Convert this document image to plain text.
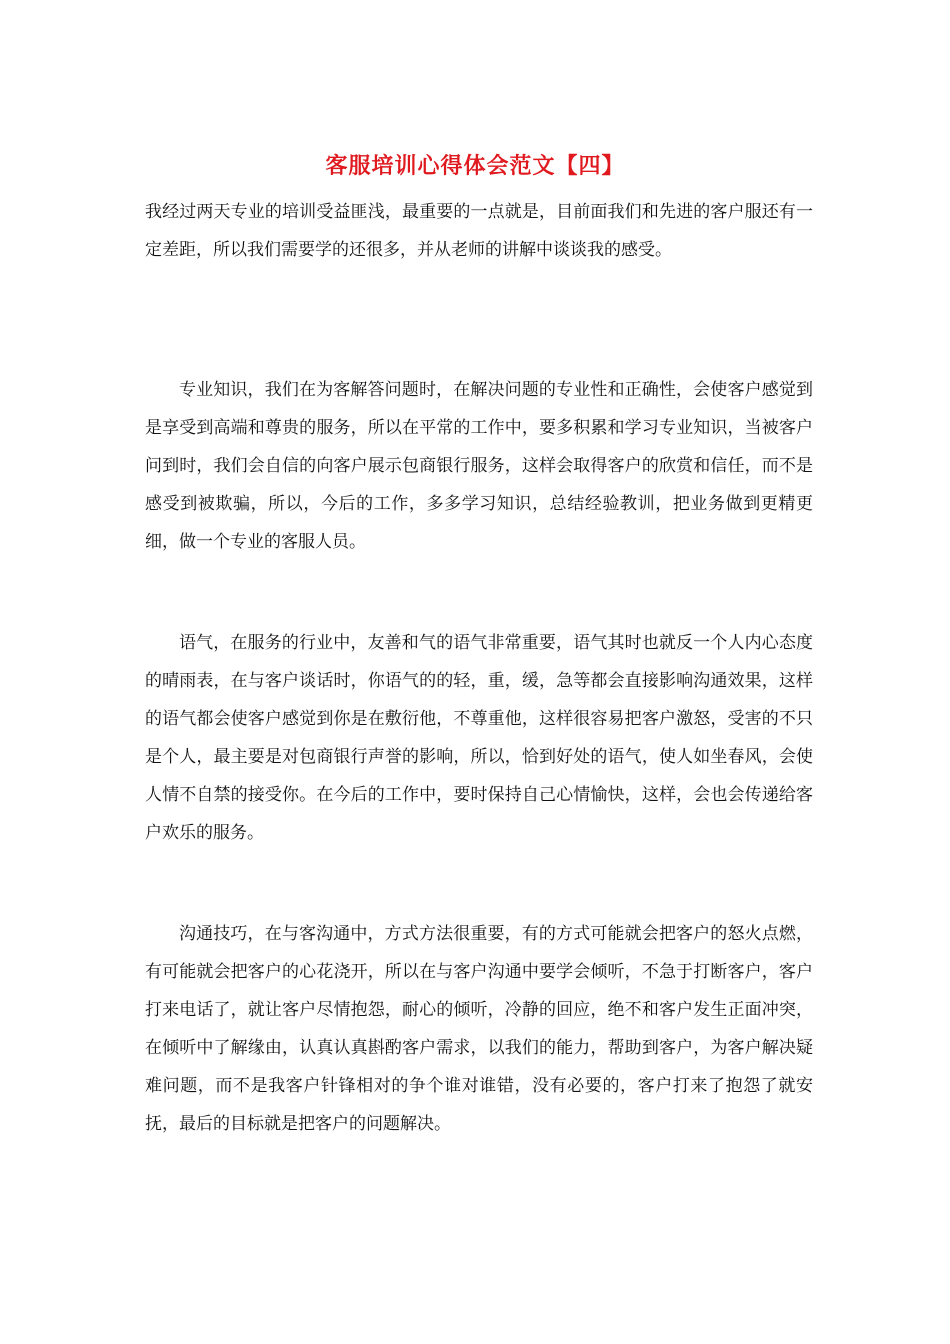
客服培训心得体会范文【四】

我经过两天专业的培训受益匪浅，最重要的一点就是，目前面我们和先进的客户服还有一定差距，所以我们需要学的还很多，并从老师的讲解中谈谈我的感受。

专业知识，我们在为客解答问题时，在解决问题的专业性和正确性，会使客户感觉到是享受到高端和尊贵的服务，所以在平常的工作中，要多积累和学习专业知识，当被客户问到时，我们会自信的向客户展示包商银行服务，这样会取得客户的欣赏和信任，而不是感受到被欺骗，所以，今后的工作，多多学习知识，总结经验教训，把业务做到更精更细，做一个专业的客服人员。

语气，在服务的行业中，友善和气的语气非常重要，语气其时也就反一个人内心态度的晴雨表，在与客户谈话时，你语气的的轻，重，缓，急等都会直接影响沟通效果，这样的语气都会使客户感觉到你是在敷衍他，不尊重他，这样很容易把客户激怒，受害的不只是个人，最主要是对包商银行声誉的影响，所以，恰到好处的语气，使人如坐春风，会使人情不自禁的接受你。在今后的工作中，要时保持自己心情愉快，这样，会也会传递给客户欢乐的服务。

沟通技巧，在与客沟通中，方式方法很重要，有的方式可能就会把客户的怒火点燃，有可能就会把客户的心花浇开，所以在与客户沟通中要学会倾听，不急于打断客户，客户打来电话了，就让客户尽情抱怨，耐心的倾听，冷静的回应，绝不和客户发生正面冲突，在倾听中了解缘由，认真认真斟酌客户需求，以我们的能力，帮助到客户，为客户解决疑难问题，而不是我客户针锋相对的争个谁对谁错，没有必要的，客户打来了抱怨了就安抚，最后的目标就是把客户的问题解决。
